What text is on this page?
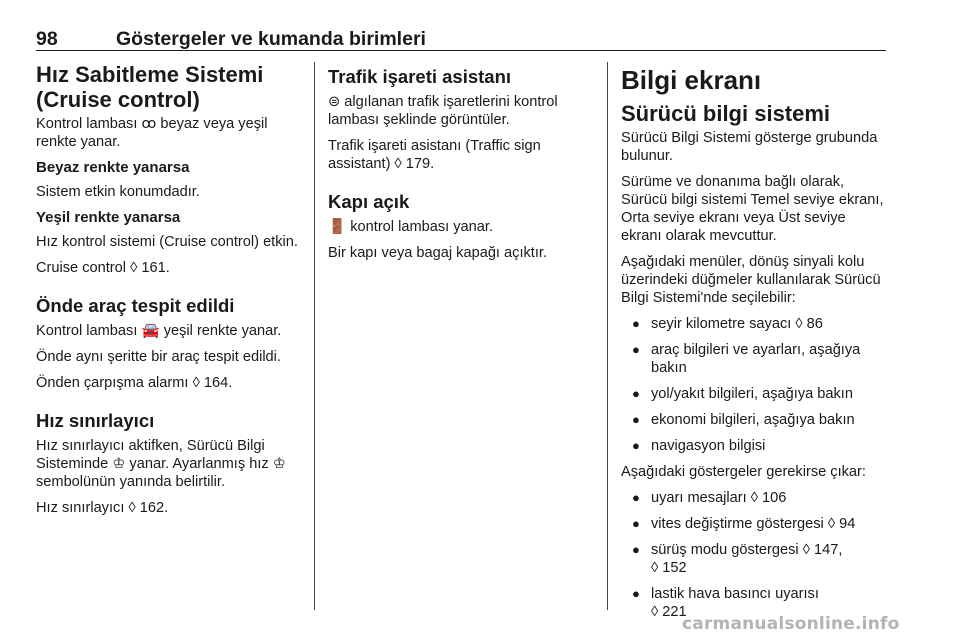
98	Göstergeler ve kumanda birimleri
Hız Sabitleme Sistemi (Cruise control)

Kontrol lambası ꝏ beyaz veya yeşil renkte yanar.

Beyaz renkte yanarsa

Sistem etkin konumdadır.

Yeşil renkte yanarsa

Hız kontrol sistemi (Cruise control) etkin.

Cruise control ◊ 161.

Önde araç tespit edildi

Kontrol lambası 🚘 yeşil renkte yanar.

Önde aynı şeritte bir araç tespit edildi.

Önden çarpışma alarmı ◊ 164.

Hız sınırlayıcı

Hız sınırlayıcı aktifken, Sürücü Bilgi Sisteminde ♔ yanar. Ayarlanmış hız ♔ sembolünün yanında belirtilir.

Hız sınırlayıcı ◊ 162.

Trafik işareti asistanı

⊜ algılanan trafik işaretlerini kontrol lambası şeklinde görüntüler.

Trafik işareti asistanı (Traffic sign assistant) ◊ 179.

Kapı açık

🚪 kontrol lambası yanar.

Bir kapı veya bagaj kapağı açıktır.

Bilgi ekranı
Sürücü bilgi sistemi

Sürücü Bilgi Sistemi gösterge grubunda bulunur.

Sürüme ve donanıma bağlı olarak, Sürücü bilgi sistemi Temel seviye ekranı, Orta seviye ekranı veya Üst seviye ekranı olarak mevcuttur.

Aşağıdaki menüler, dönüş sinyali kolu üzerindeki düğmeler kullanılarak Sürücü Bilgi Sistemi'nde seçilebilir:

● seyir kilometre sayacı ◊ 86
● araç bilgileri ve ayarları, aşağıya bakın
● yol/yakıt bilgileri, aşağıya bakın
● ekonomi bilgileri, aşağıya bakın
● navigasyon bilgisi

Aşağıdaki göstergeler gerekirse çıkar:

● uyarı mesajları ◊ 106
● vites değiştirme göstergesi ◊ 94
● sürüş modu göstergesi ◊ 147,
◊ 152
● lastik hava basıncı uyarısı
◊ 221
carmanualsonline.info
